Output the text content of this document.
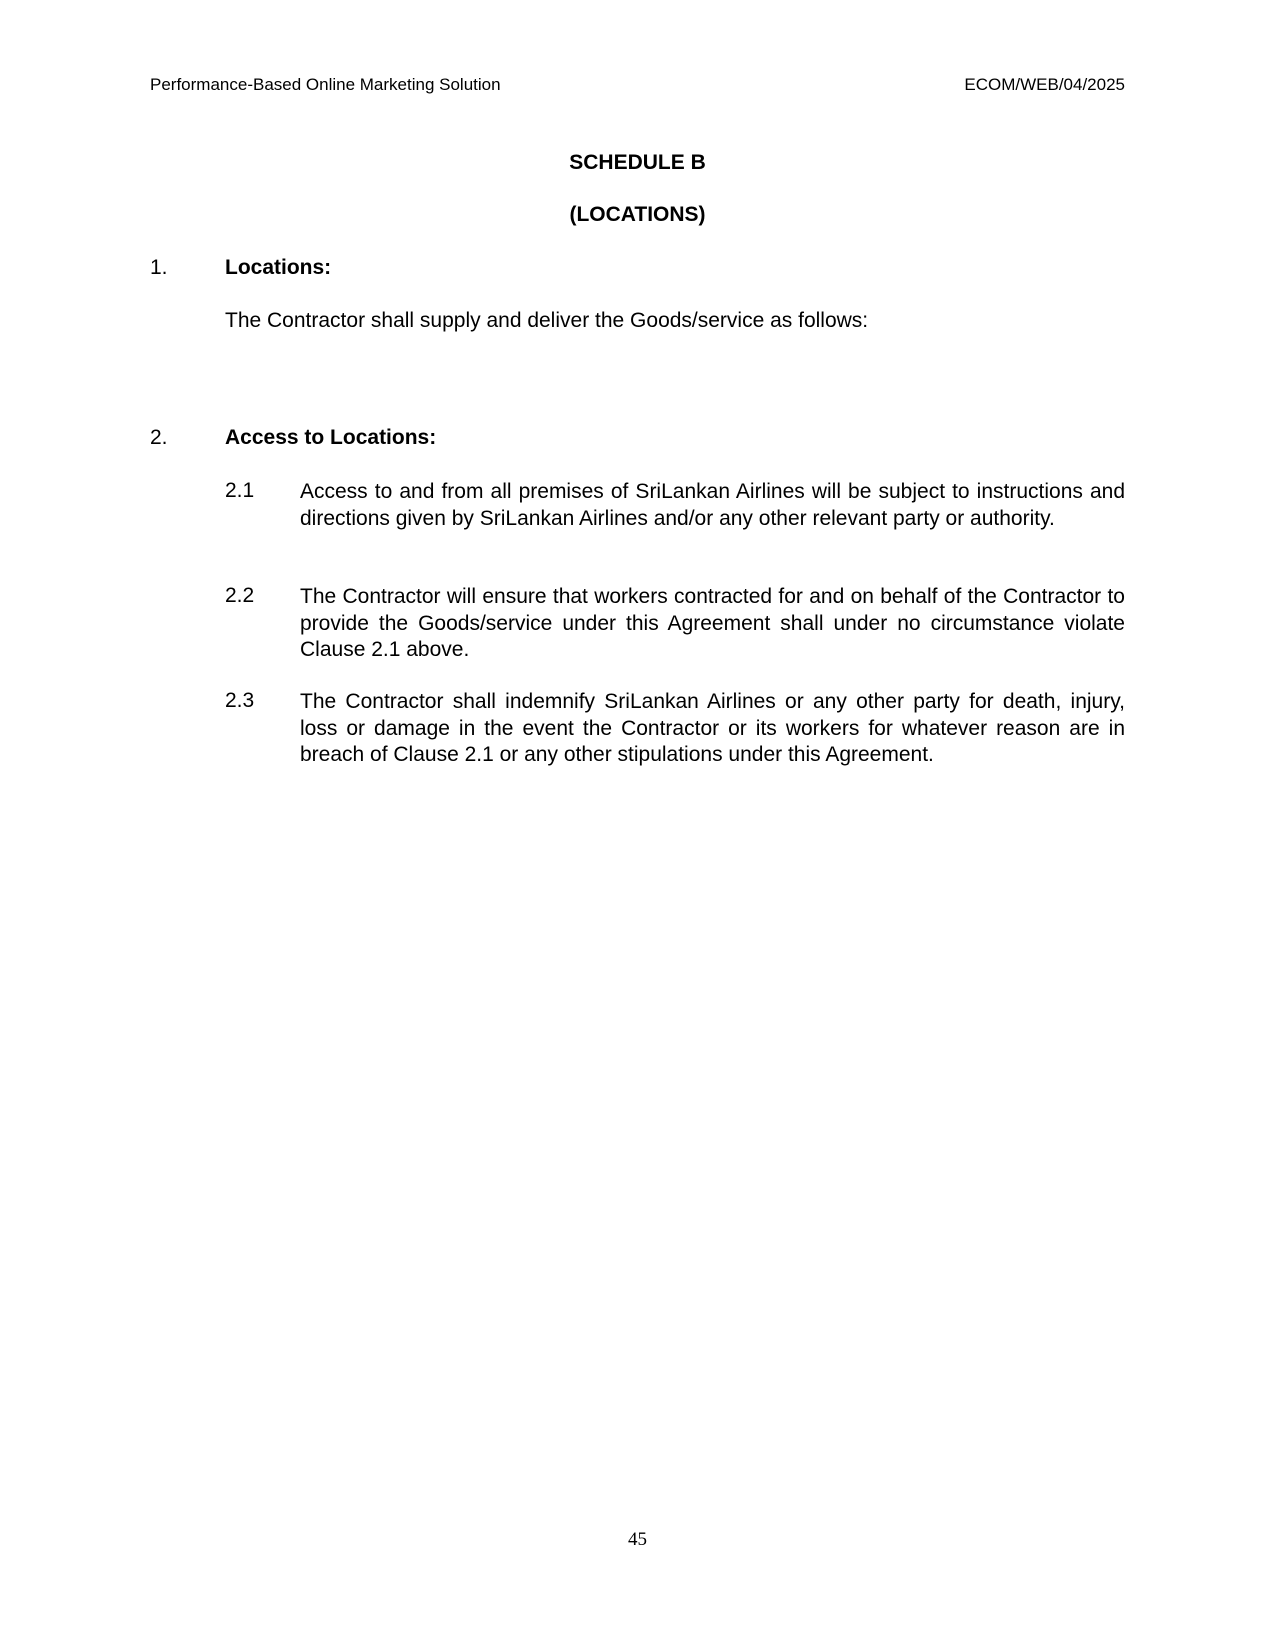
Performance-Based Online Marketing Solution	ECOM/WEB/04/2025
SCHEDULE B
(LOCATIONS)
1.	Locations:
The Contractor shall supply and deliver the Goods/service as follows:
2.	Access to Locations:
2.1 Access to and from all premises of SriLankan Airlines will be subject to instructions and directions given by SriLankan Airlines and/or any other relevant party or authority.
2.2 The Contractor will ensure that workers contracted for and on behalf of the Contractor to provide the Goods/service under this Agreement shall under no circumstance violate Clause 2.1 above.
2.3 The Contractor shall indemnify SriLankan Airlines or any other party for death, injury, loss or damage in the event the Contractor or its workers for whatever reason are in breach of Clause 2.1 or any other stipulations under this Agreement.
45
